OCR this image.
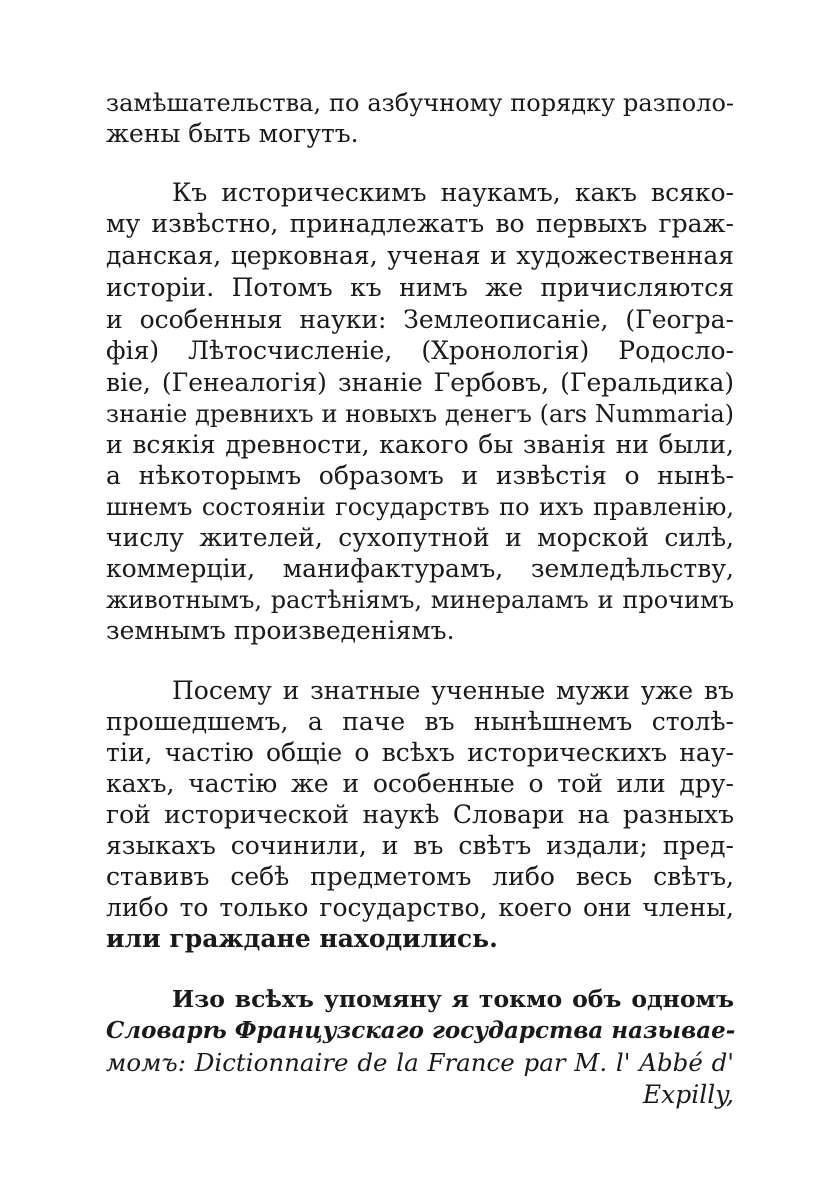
замѣшательства, по азбучному порядку разполо-
жены быть могутъ.
Къ историческимъ наукамъ, какъ всяко-
му извѣстно, принадлежатъ во первыхъ граж-
данская, церковная, ученая и художественная
исторiи. Потомъ къ нимъ же причисляются
и особенныя науки: Землеописанiе, (Геогра-
фiя) Лѣтосчисленiе, (Хронологiя) Родосло-
вiе, (Генеалогiя) знанiе Гербовъ, (Геральдика)
знанiе древнихъ и новыхъ денегъ (ars Nummaria)
и всякiя древности, какого бы званiя ни были,
а нѣкоторымъ образомъ и извѣстiя о нынѣ-
шнемъ состоянiи государствъ по ихъ правленiю,
числу жителей, сухопутной и морской силѣ,
коммерцiи, манифактурамъ, земледѣльству,
животнымъ, растѣнiямъ, минераламъ и прочимъ
земнымъ произведенiямъ.
Посему и знатные ученные мужи уже въ
прошедшемъ, а паче въ нынѣшнемъ столѣ-
тiи, частiю общiе о всѣхъ историческихъ нау-
кахъ, частiю же и особенные о той или дру-
гой исторической наукѣ Словари на разныхъ
языкахъ сочинили, и въ свѣтъ издали; пред-
ставивъ себѣ предметомъ либо весь свѣтъ,
либо то только государство, коего они члены,
или граждане находились.
Изо всѣхъ упомяну я токмо объ одномъ
Словарѣ Французскаго государства называе-
момъ: Dictionnaire de la France par M. l' Abbé d'
Expilly,
